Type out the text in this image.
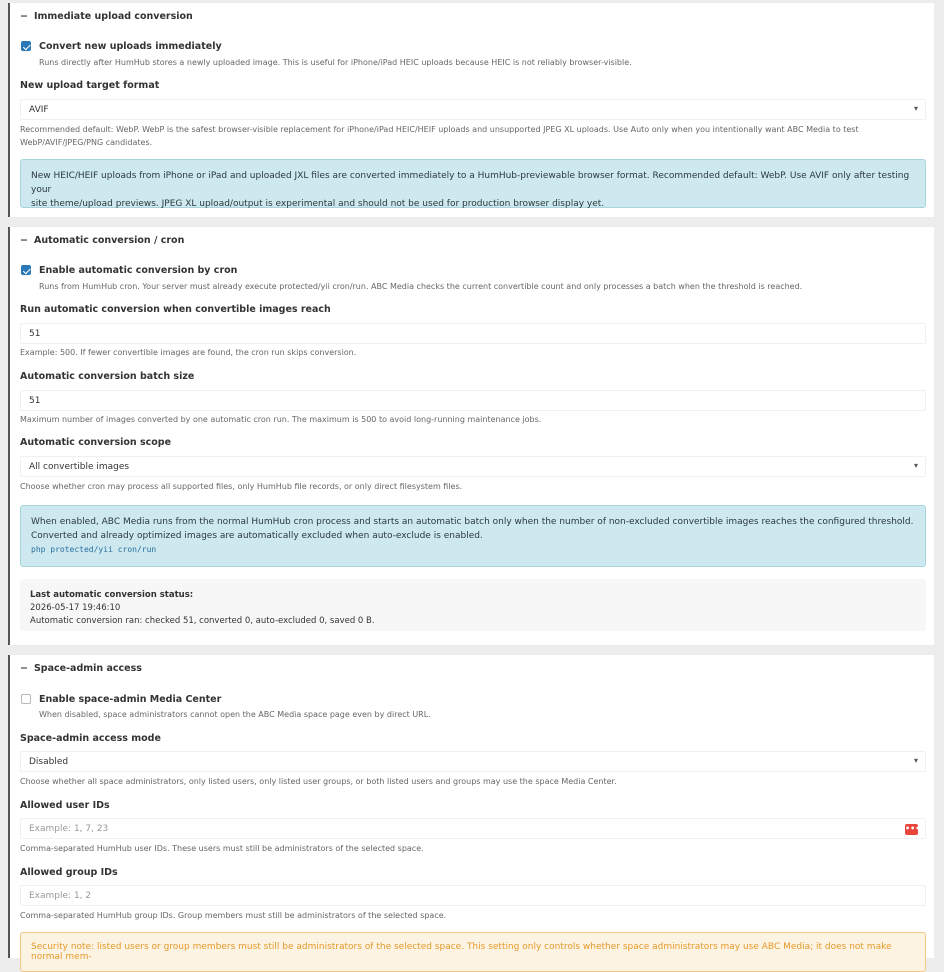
− Immediate upload conversion
Convert new uploads immediately
Runs directly after HumHub stores a newly uploaded image. This is useful for iPhone/iPad HEIC uploads because HEIC is not reliably browser-visible.
New upload target format
AVIF	▾
Recommended default: WebP. WebP is the safest browser-visible replacement for iPhone/iPad HEIC/HEIF uploads and unsupported JPEG XL uploads. Use Auto only when you intentionally want ABC Media to test
WebP/AVIF/JPEG/PNG candidates.
New HEIC/HEIF uploads from iPhone or iPad and uploaded JXL files are converted immediately to a HumHub-previewable browser format. Recommended default: WebP. Use AVIF only after testing your
site theme/upload previews. JPEG XL upload/output is experimental and should not be used for production browser display yet.
− Automatic conversion / cron
Enable automatic conversion by cron
Runs from HumHub cron. Your server must already execute protected/yii cron/run. ABC Media checks the current convertible count and only processes a batch when the threshold is reached.
Run automatic conversion when convertible images reach
51
Example: 500. If fewer convertible images are found, the cron run skips conversion.
Automatic conversion batch size
51
Maximum number of images converted by one automatic cron run. The maximum is 500 to avoid long-running maintenance jobs.
Automatic conversion scope
All convertible images	▾
Choose whether cron may process all supported files, only HumHub file records, or only direct filesystem files.
When enabled, ABC Media runs from the normal HumHub cron process and starts an automatic batch only when the number of non-excluded convertible images reaches the configured threshold.
Converted and already optimized images are automatically excluded when auto-exclude is enabled.
php protected/yii cron/run
Last automatic conversion status:
2026-05-17 19:46:10
Automatic conversion ran: checked 51, converted 0, auto-excluded 0, saved 0 B.
− Space-admin access
Enable space-admin Media Center
When disabled, space administrators cannot open the ABC Media space page even by direct URL.
Space-admin access mode
Disabled	▾
Choose whether all space administrators, only listed users, only listed user groups, or both listed users and groups may use the space Media Center.
Allowed user IDs
Example: 1, 7, 23	•••
Comma-separated HumHub user IDs. These users must still be administrators of the selected space.
Allowed group IDs
Example: 1, 2
Comma-separated HumHub group IDs. Group members must still be administrators of the selected space.
Security note: listed users or group members must still be administrators of the selected space. This setting only controls whether space administrators may use ABC Media; it does not make normal mem-
